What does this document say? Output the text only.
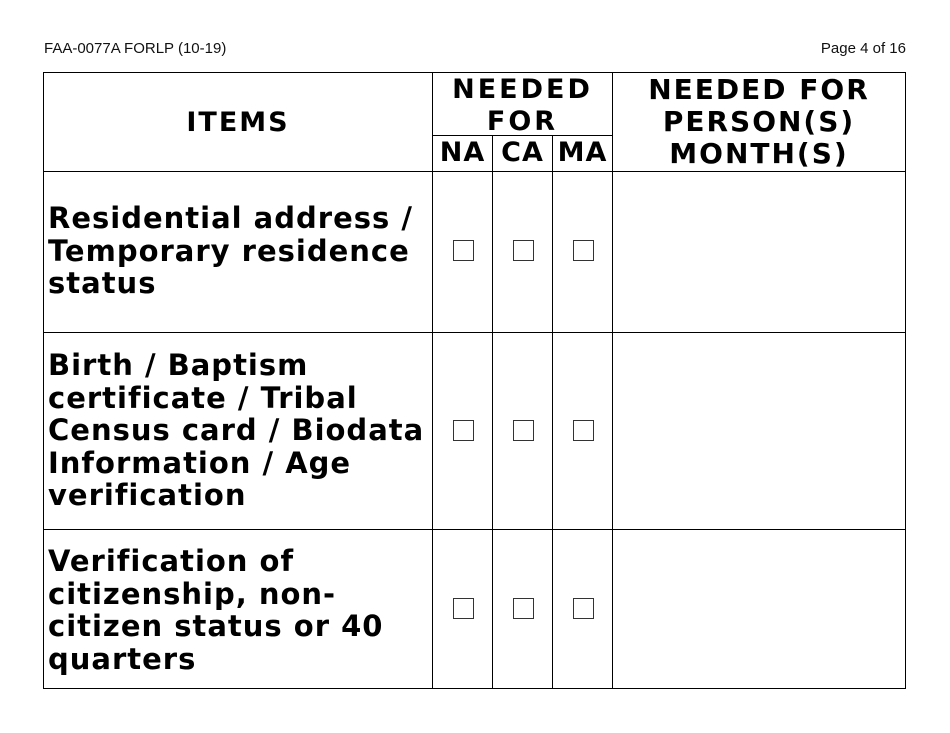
FAA-0077A FORLP (10-19)	Page 4 of 16
ITEMS
NEEDED FOR
NA CA MA
NEEDED FOR PERSON(S) MONTH(S)
Residential address / Temporary residence status
Birth / Baptism certificate / Tribal Census card / Biodata Information / Age verification
Verification of citizenship, non-citizen status or 40 quarters
